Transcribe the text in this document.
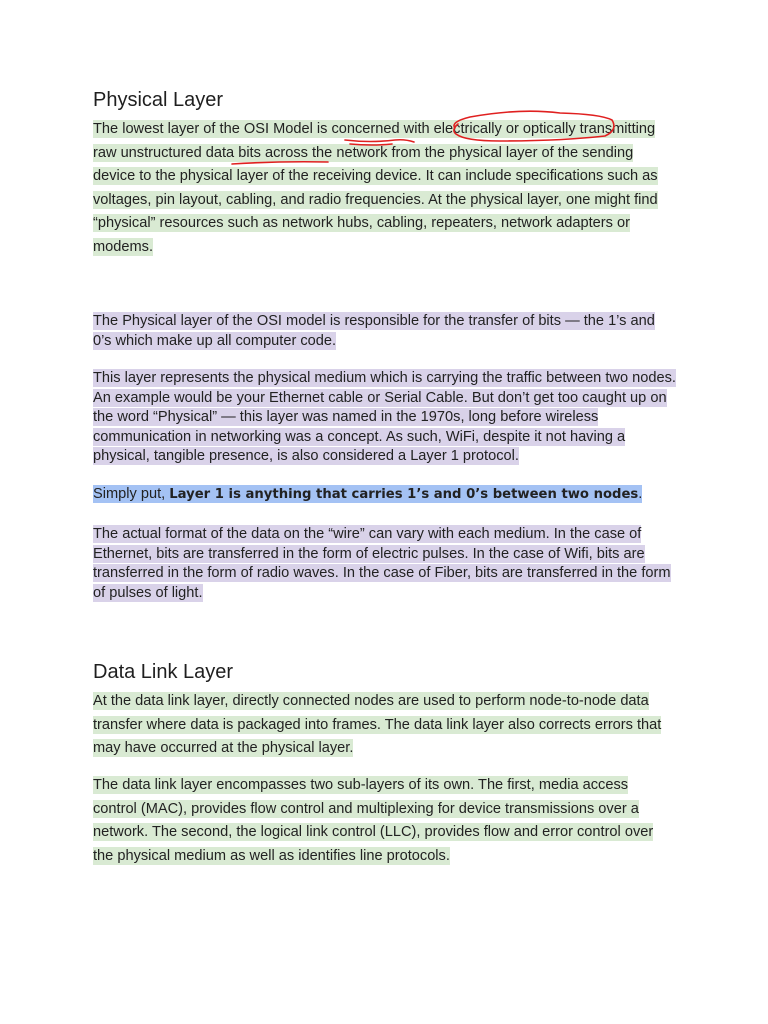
Physical Layer

The lowest layer of the OSI Model is concerned with electrically or optically transmitting raw unstructured data bits across the network from the physical layer of the sending device to the physical layer of the receiving device. It can include specifications such as voltages, pin layout, cabling, and radio frequencies. At the physical layer, one might find “physical” resources such as network hubs, cabling, repeaters, network adapters or modems.

The Physical layer of the OSI model is responsible for the transfer of bits — the 1’s and 0’s which make up all computer code.

This layer represents the physical medium which is carrying the traffic between two nodes. An example would be your Ethernet cable or Serial Cable. But don’t get too caught up on the word “Physical” — this layer was named in the 1970s, long before wireless communication in networking was a concept. As such, WiFi, despite it not having a physical, tangible presence, is also considered a Layer 1 protocol.

Simply put, Layer 1 is anything that carries 1’s and 0’s between two nodes.

The actual format of the data on the “wire” can vary with each medium. In the case of Ethernet, bits are transferred in the form of electric pulses. In the case of Wifi, bits are transferred in the form of radio waves. In the case of Fiber, bits are transferred in the form of pulses of light.

Data Link Layer

At the data link layer, directly connected nodes are used to perform node-to-node data transfer where data is packaged into frames. The data link layer also corrects errors that may have occurred at the physical layer.

The data link layer encompasses two sub-layers of its own. The first, media access control (MAC), provides flow control and multiplexing for device transmissions over a network. The second, the logical link control (LLC), provides flow and error control over the physical medium as well as identifies line protocols.
